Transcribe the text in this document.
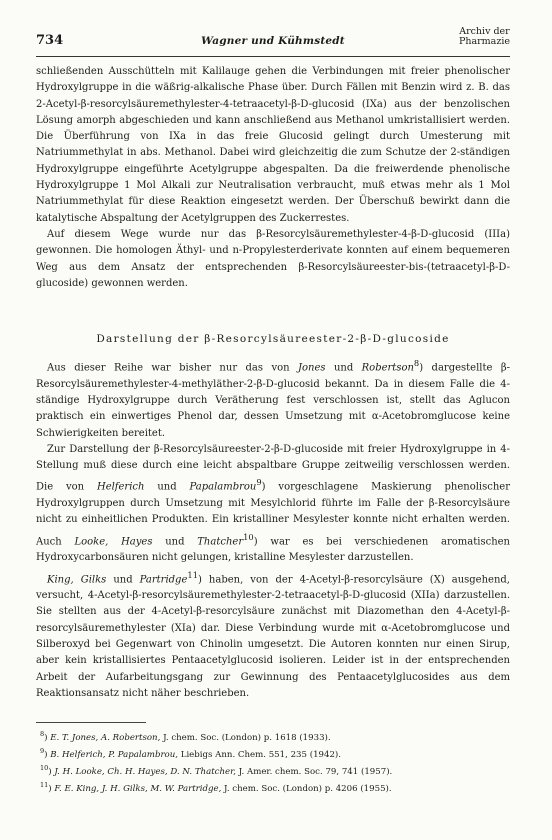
734	Wagner und Kühmstedt
Archiv der
Pharmazie

schließenden Ausschütteln mit Kalilauge gehen die Verbindungen mit freier phenolischer Hydroxylgruppe in die wäßrig-alkalische Phase über. Durch Fällen mit Benzin wird z. B. das 2-Acetyl-β-resorcylsäuremethylester-4-tetraacetyl-β-D-glucosid (IXa) aus der benzolischen Lösung amorph abgeschieden und kann anschließend aus Methanol umkristallisiert werden. Die Überführung von IXa in das freie Glucosid gelingt durch Umesterung mit Natriummethylat in abs. Methanol. Dabei wird gleichzeitig die zum Schutze der 2-ständigen Hydroxylgruppe eingeführte Acetylgruppe abgespalten. Da die freiwerdende phenolische Hydroxylgruppe 1 Mol Alkali zur Neutralisation verbraucht, muß etwas mehr als 1 Mol Natriummethylat für diese Reaktion eingesetzt werden. Der Überschuß bewirkt dann die katalytische Abspaltung der Acetylgruppen des Zuckerrestes.

Auf diesem Wege wurde nur das β-Resorcylsäuremethylester-4-β-D-glucosid (IIIa) gewonnen. Die homologen Äthyl- und n-Propylesterderivate konnten auf einem bequemeren Weg aus dem Ansatz der entsprechenden β-Resorcylsäureester-bis-(tetraacetyl-β-D-glucoside) gewonnen werden.

Darstellung der β-Resorcylsäureester-2-β-D-glucoside

Aus dieser Reihe war bisher nur das von Jones und Robertson$^8$) dargestellte β-Resorcylsäuremethylester-4-methyläther-2-β-D-glucosid bekannt. Da in diesem Falle die 4-ständige Hydroxylgruppe durch Verätherung fest verschlossen ist, stellt das Aglucon praktisch ein einwertiges Phenol dar, dessen Umsetzung mit α-Acetobromglucose keine Schwierigkeiten bereitet.

Zur Darstellung der β-Resorcylsäureester-2-β-D-glucoside mit freier Hydroxylgruppe in 4-Stellung muß diese durch eine leicht abspaltbare Gruppe zeitweilig verschlossen werden. Die von Helferich und Papalambrou$^9$) vorgeschlagene Maskierung phenolischer Hydroxylgruppen durch Umsetzung mit Mesylchlorid führte im Falle der β-Resorcylsäure nicht zu einheitlichen Produkten. Ein kristalliner Mesylester konnte nicht erhalten werden. Auch Looke, Hayes und Thatcher$^{10}$) war es bei verschiedenen aromatischen Hydroxycarbonsäuren nicht gelungen, kristalline Mesylester darzustellen.

King, Gilks und Partridge$^{11}$) haben, von der 4-Acetyl-β-resorcylsäure (X) ausgehend, versucht, 4-Acetyl-β-resorcylsäuremethylester-2-tetraacetyl-β-D-glucosid (XIIa) darzustellen. Sie stellten aus der 4-Acetyl-β-resorcylsäure zunächst mit Diazomethan den 4-Acetyl-β-resorcylsäuremethylester (XIa) dar. Diese Verbindung wurde mit α-Acetobromglucose und Silberoxyd bei Gegenwart von Chinolin umgesetzt. Die Autoren konnten nur einen Sirup, aber kein kristallisiertes Pentaacetylglucosid isolieren. Leider ist in der entsprechenden Arbeit der Aufarbeitungsgang zur Gewinnung des Pentaacetylglucosides aus dem Reaktionsansatz nicht näher beschrieben.

$^8$) E. T. Jones, A. Robertson, J. chem. Soc. (London) p. 1618 (1933).
$^9$) B. Helferich, P. Papalambrou, Liebigs Ann. Chem. 551, 235 (1942).
$^{10}$) J. H. Looke, Ch. H. Hayes, D. N. Thatcher, J. Amer. chem. Soc. 79, 741 (1957).
$^{11}$) F. E. King, J. H. Gilks, M. W. Partridge, J. chem. Soc. (London) p. 4206 (1955).
